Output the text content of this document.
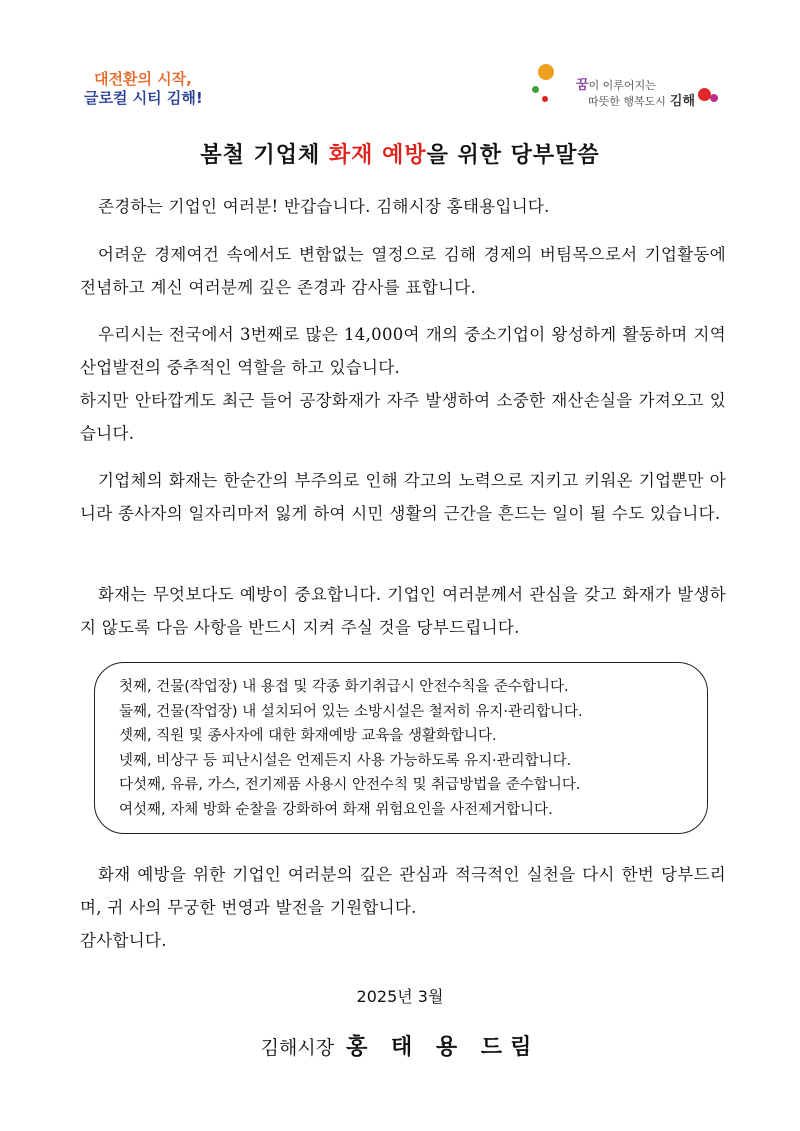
대전환의 시작,
글로컬 시티 김해!
꿈이 이루어지는
따뜻한 행복도시 김해
봄철 기업체 화재 예방을 위한 당부말씀
존경하는 기업인 여러분! 반갑습니다. 김해시장 홍태용입니다.
어려운 경제여건 속에서도 변함없는 열정으로 김해 경제의 버팀목으로서 기업활동에 전념하고 계신 여러분께 깊은 존경과 감사를 표합니다.
우리시는 전국에서 3번째로 많은 14,000여 개의 중소기업이 왕성하게 활동하며 지역 산업발전의 중추적인 역할을 하고 있습니다.
하지만 안타깝게도 최근 들어 공장화재가 자주 발생하여 소중한 재산손실을 가져오고 있습니다.
기업체의 화재는 한순간의 부주의로 인해 각고의 노력으로 지키고 키워온 기업뿐만 아니라 종사자의 일자리마저 잃게 하여 시민 생활의 근간을 흔드는 일이 될 수도 있습니다.
화재는 무엇보다도 예방이 중요합니다. 기업인 여러분께서 관심을 갖고 화재가 발생하지 않도록 다음 사항을 반드시 지켜 주실 것을 당부드립니다.
첫째, 건물(작업장) 내 용접 및 각종 화기취급시 안전수칙을 준수합니다.
둘째, 건물(작업장) 내 설치되어 있는 소방시설은 철저히 유지·관리합니다.
셋째, 직원 및 종사자에 대한 화재예방 교육을 생활화합니다.
넷째, 비상구 등 피난시설은 언제든지 사용 가능하도록 유지·관리합니다.
다섯째, 유류, 가스, 전기제품 사용시 안전수칙 및 취급방법을 준수합니다.
여섯째, 자체 방화 순찰을 강화하여 화재 위험요인을 사전제거합니다.
화재 예방을 위한 기업인 여러분의 깊은 관심과 적극적인 실천을 다시 한번 당부드리며, 귀 사의 무궁한 번영과 발전을 기원합니다.
감사합니다.
2025년 3월
김해시장 홍 태 용 드림
